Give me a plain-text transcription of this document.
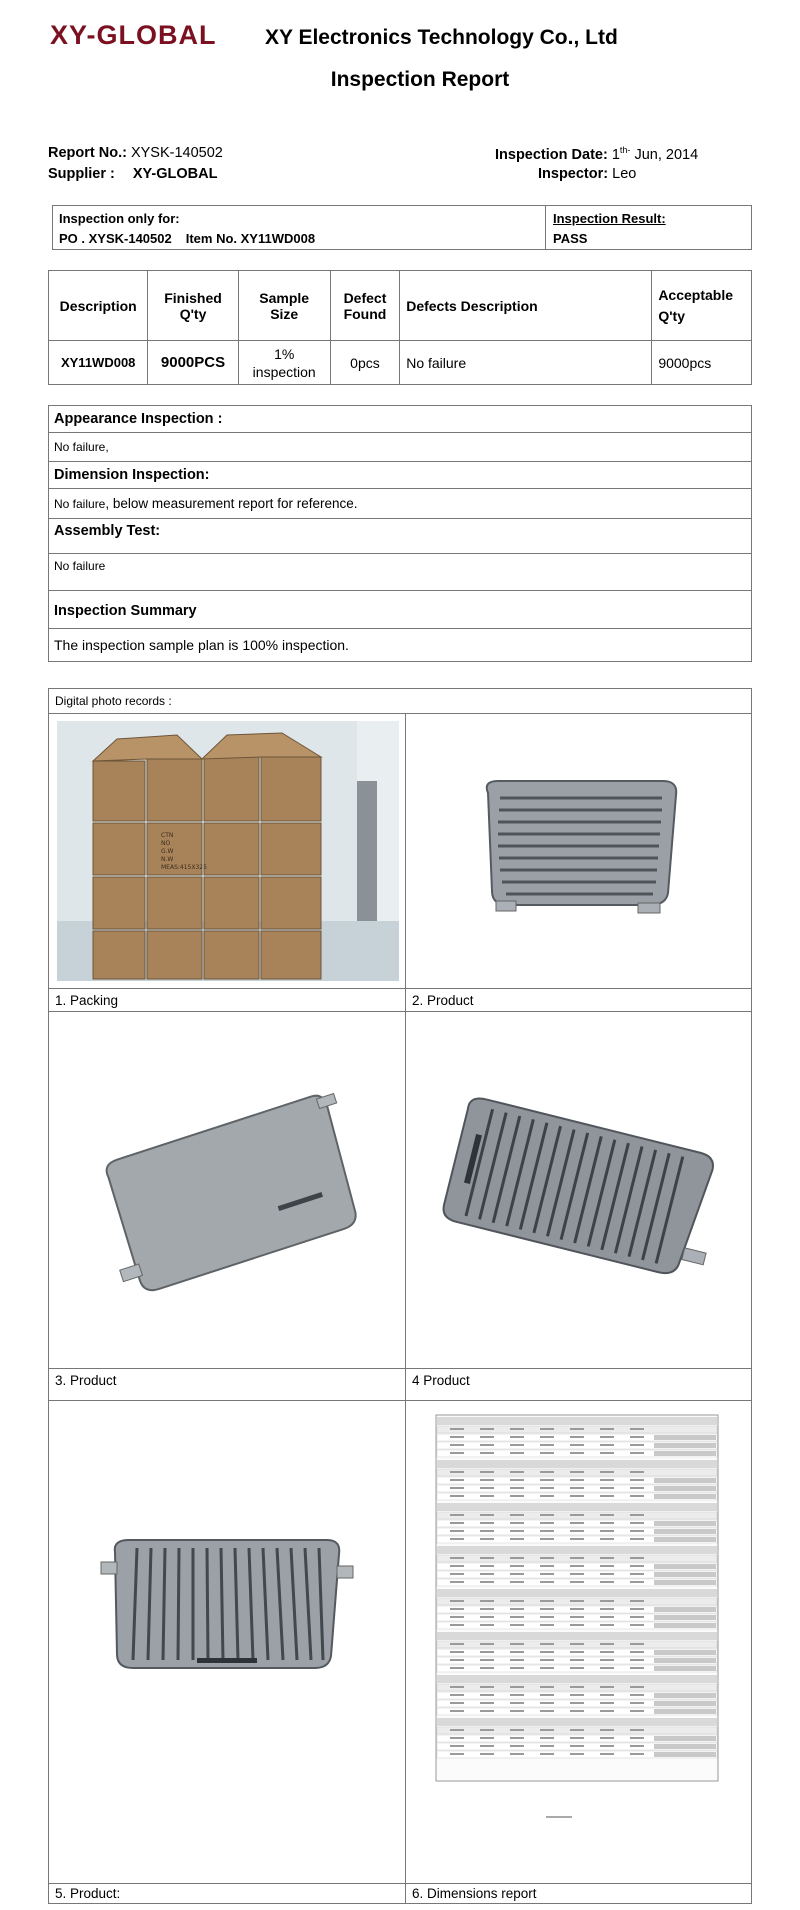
XY-GLOBAL XY Electronics Technology Co., Ltd
Inspection Report
Report No.: XYSK-140502
Supplier : XY-GLOBAL
Inspection Date: $1^{th-}$ Jun, 2014
Inspector: Leo
Inspection only for:
PO . XYSK-140502 Item No. XY11WD008
Inspection Result:
PASS
Description	Finished Q'ty	Sample Size	Defect Found	Defects Description	Acceptable Q'ty
XY11WD008	9000PCS	1% inspection	0pcs	No failure	9000pcs
Appearance Inspection :
No failure,
Dimension Inspection:
No failure , below measurement report for reference.
Assembly Test:
No failure
Inspection Summary
The inspection sample plan is 100% inspection.
Digital photo records :
CTN
NO
G.W
N.W
MEAS:415X325
1. Packing	2. Product
3. Product	4 Product
5. Product:	6. Dimensions report
